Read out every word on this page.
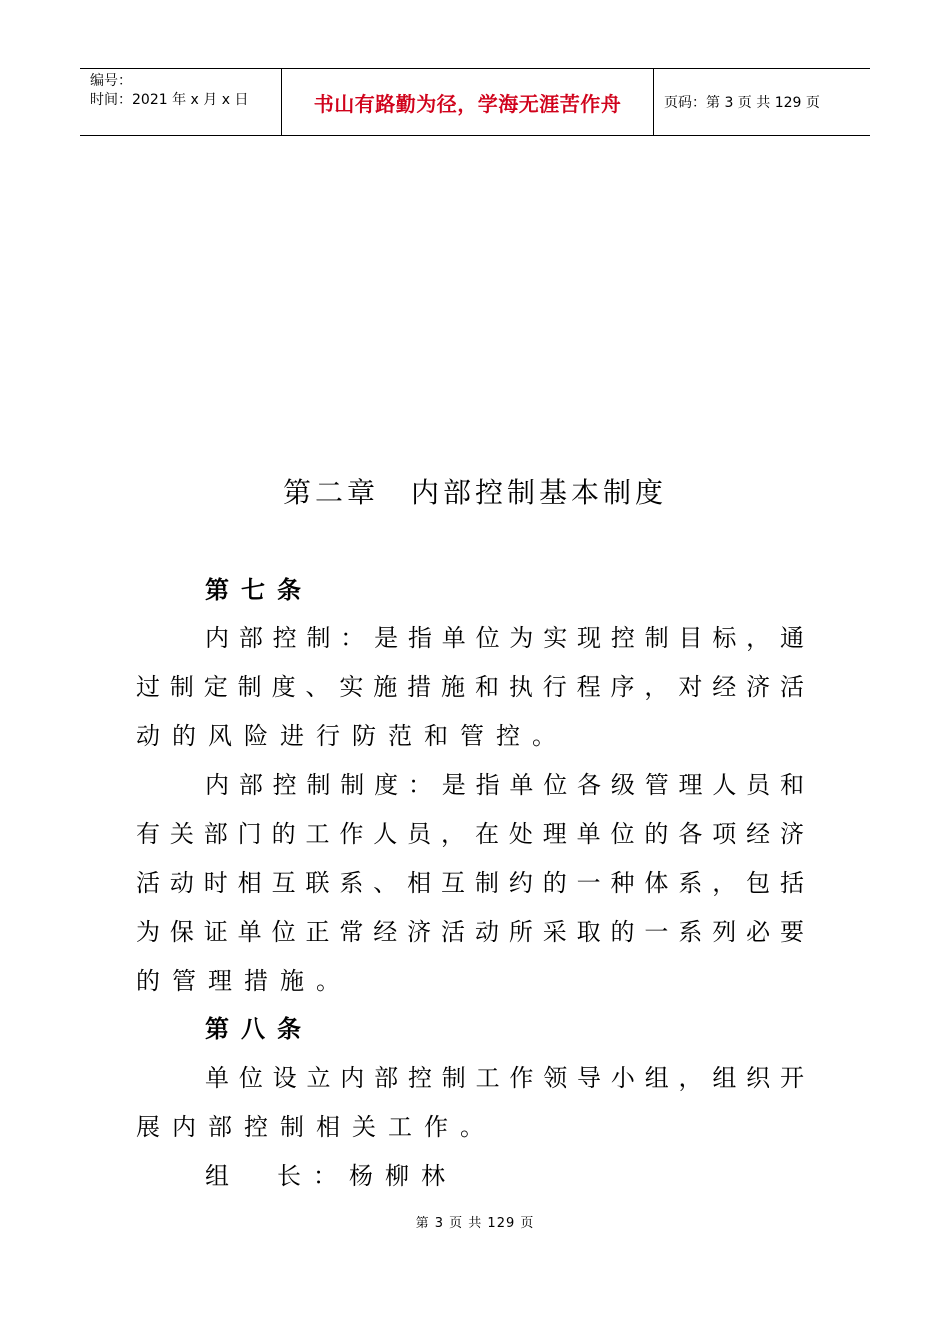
编号：
时间：2021 年 x 月 x 日	书山有路勤为径，学海无涯苦作舟	页码：第 3 页 共 129 页
第二章　内部控制基本制度
第七条
内部控制：是指单位为实现控制目标，通
过制定制度、实施措施和执行程序，对经济活
动的风险进行防范和管控。
内部控制制度：是指单位各级管理人员和
有关部门的工作人员，在处理单位的各项经济
活动时相互联系、相互制约的一种体系，包括
为保证单位正常经济活动所采取的一系列必要
的管理措施。
第八条
单位设立内部控制工作领导小组，组织开
展内部控制相关工作。
组　长：杨柳林
第 3 页 共 129 页
